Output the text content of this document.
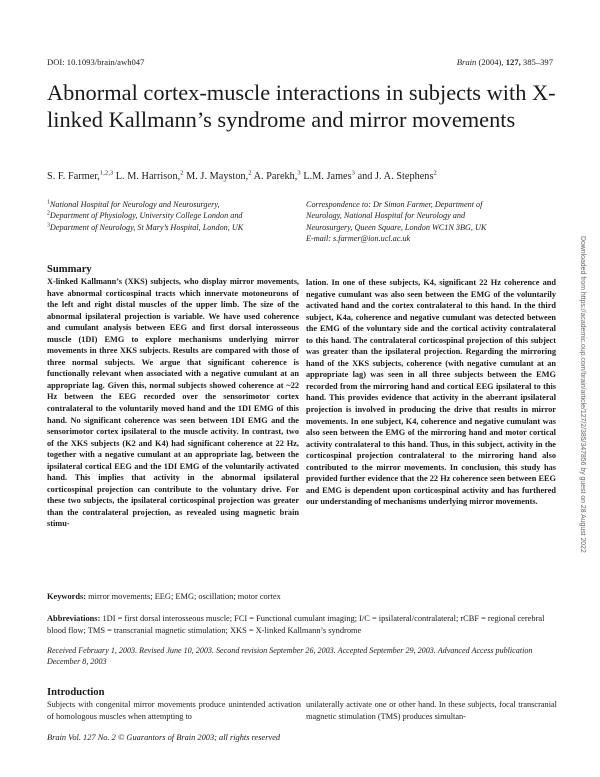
DOI: 10.1093/brain/awh047	Brain (2004), 127, 385–397
Abnormal cortex-muscle interactions in subjects with X-linked Kallmann’s syndrome and mirror movements
S. F. Farmer,$^{1,2,3}$ L. M. Harrison,$^2$ M. J. Mayston,$^2$ A. Parekh,$^3$ L.M. James$^3$ and J. A. Stephens$^2$
$^1$National Hospital for Neurology and Neurosurgery,
$^2$Department of Physiology, University College London and
$^3$Department of Neurology, St Mary’s Hospital, London, UK
Correspondence to: Dr Simon Farmer, Department of
Neurology, National Hospital for Neurology and
Neurosurgery, Queen Square, London WC1N 3BG, UK
E-mail: s.farmer@ion.ucl.ac.uk	Downloaded from https://academic.oup.com/brain/article/127/2/385/347856 by guest on 28 August 2022
Summary
X-linked Kallmann’s (XKS) subjects, who display mirror movements, have abnormal corticospinal tracts which innervate motoneurons of the left and right distal muscles of the upper limb. The size of the abnormal ipsilateral projection is variable. We have used coherence and cumulant analysis between EEG and first dorsal interosseous muscle (1DI) EMG to explore mechanisms underlying mirror movements in three XKS subjects. Results are compared with those of three normal subjects. We argue that significant coherence is functionally relevant when associated with a negative cumulant at an appropriate lag. Given this, normal subjects showed coherence at ~22 Hz between the EEG recorded over the sensorimotor cortex contralateral to the voluntarily moved hand and the 1DI EMG of this hand. No significant coherence was seen between 1DI EMG and the sensorimotor cortex ipsilateral to the muscle activity. In contrast, two of the XKS subjects (K2 and K4) had significant coherence at 22 Hz, together with a negative cumulant at an appropriate lag, between the ipsilateral cortical EEG and the 1DI EMG of the voluntarily activated hand. This implies that activity in the abnormal ipsilateral corticospinal projection can contribute to the voluntary drive. For these two subjects, the ipsilateral corticospinal projection was greater than the contralateral projection, as revealed using magnetic brain stimu-
lation. In one of these subjects, K4, significant 22 Hz coherence and negative cumulant was also seen between the EMG of the voluntarily activated hand and the cortex contralateral to this hand. In the third subject, K4a, coherence and negative cumulant was detected between the EMG of the voluntary side and the cortical activity contralateral to this hand. The contralateral corticospinal projection of this subject was greater than the ipsilateral projection. Regarding the mirroring hand of the XKS subjects, coherence (with negative cumulant at an appropriate lag) was seen in all three subjects between the EMG recorded from the mirroring hand and cortical EEG ipsilateral to this hand. This provides evidence that activity in the aberrant ipsilateral projection is involved in producing the drive that results in mirror movements. In one subject, K4, coherence and negative cumulant was also seen between the EMG of the mirroring hand and motor cortical activity contralateral to this hand. Thus, in this subject, activity in the corticospinal projection contralateral to the mirroring hand also contributed to the mirror movements. In conclusion, this study has provided further evidence that the 22 Hz coherence seen between EEG and EMG is dependent upon corticospinal activity and has furthered our understanding of mechanisms underlying mirror movements.
Keywords: mirror movements; EEG; EMG; oscillation; motor cortex
Abbreviations: 1DI = first dorsal interosseous muscle; FCI = Functional cumulant imaging; I/C = ipsilateral/contralateral; rCBF = regional cerebral blood flow; TMS = transcranial magnetic stimulation; XKS = X-linked Kallmann’s syndrome
Received February 1, 2003. Revised June 10, 2003. Second revision September 26, 2003. Accepted September 29, 2003. Advanced Access publication December 8, 2003
Introduction
Subjects with congenital mirror movements produce unintended activation of homologous muscles when attempting to
unilaterally activate one or other hand. In these subjects, focal transcranial magnetic stimulation (TMS) produces simultan-
Brain Vol. 127 No. 2 © Guarantors of Brain 2003; all rights reserved
